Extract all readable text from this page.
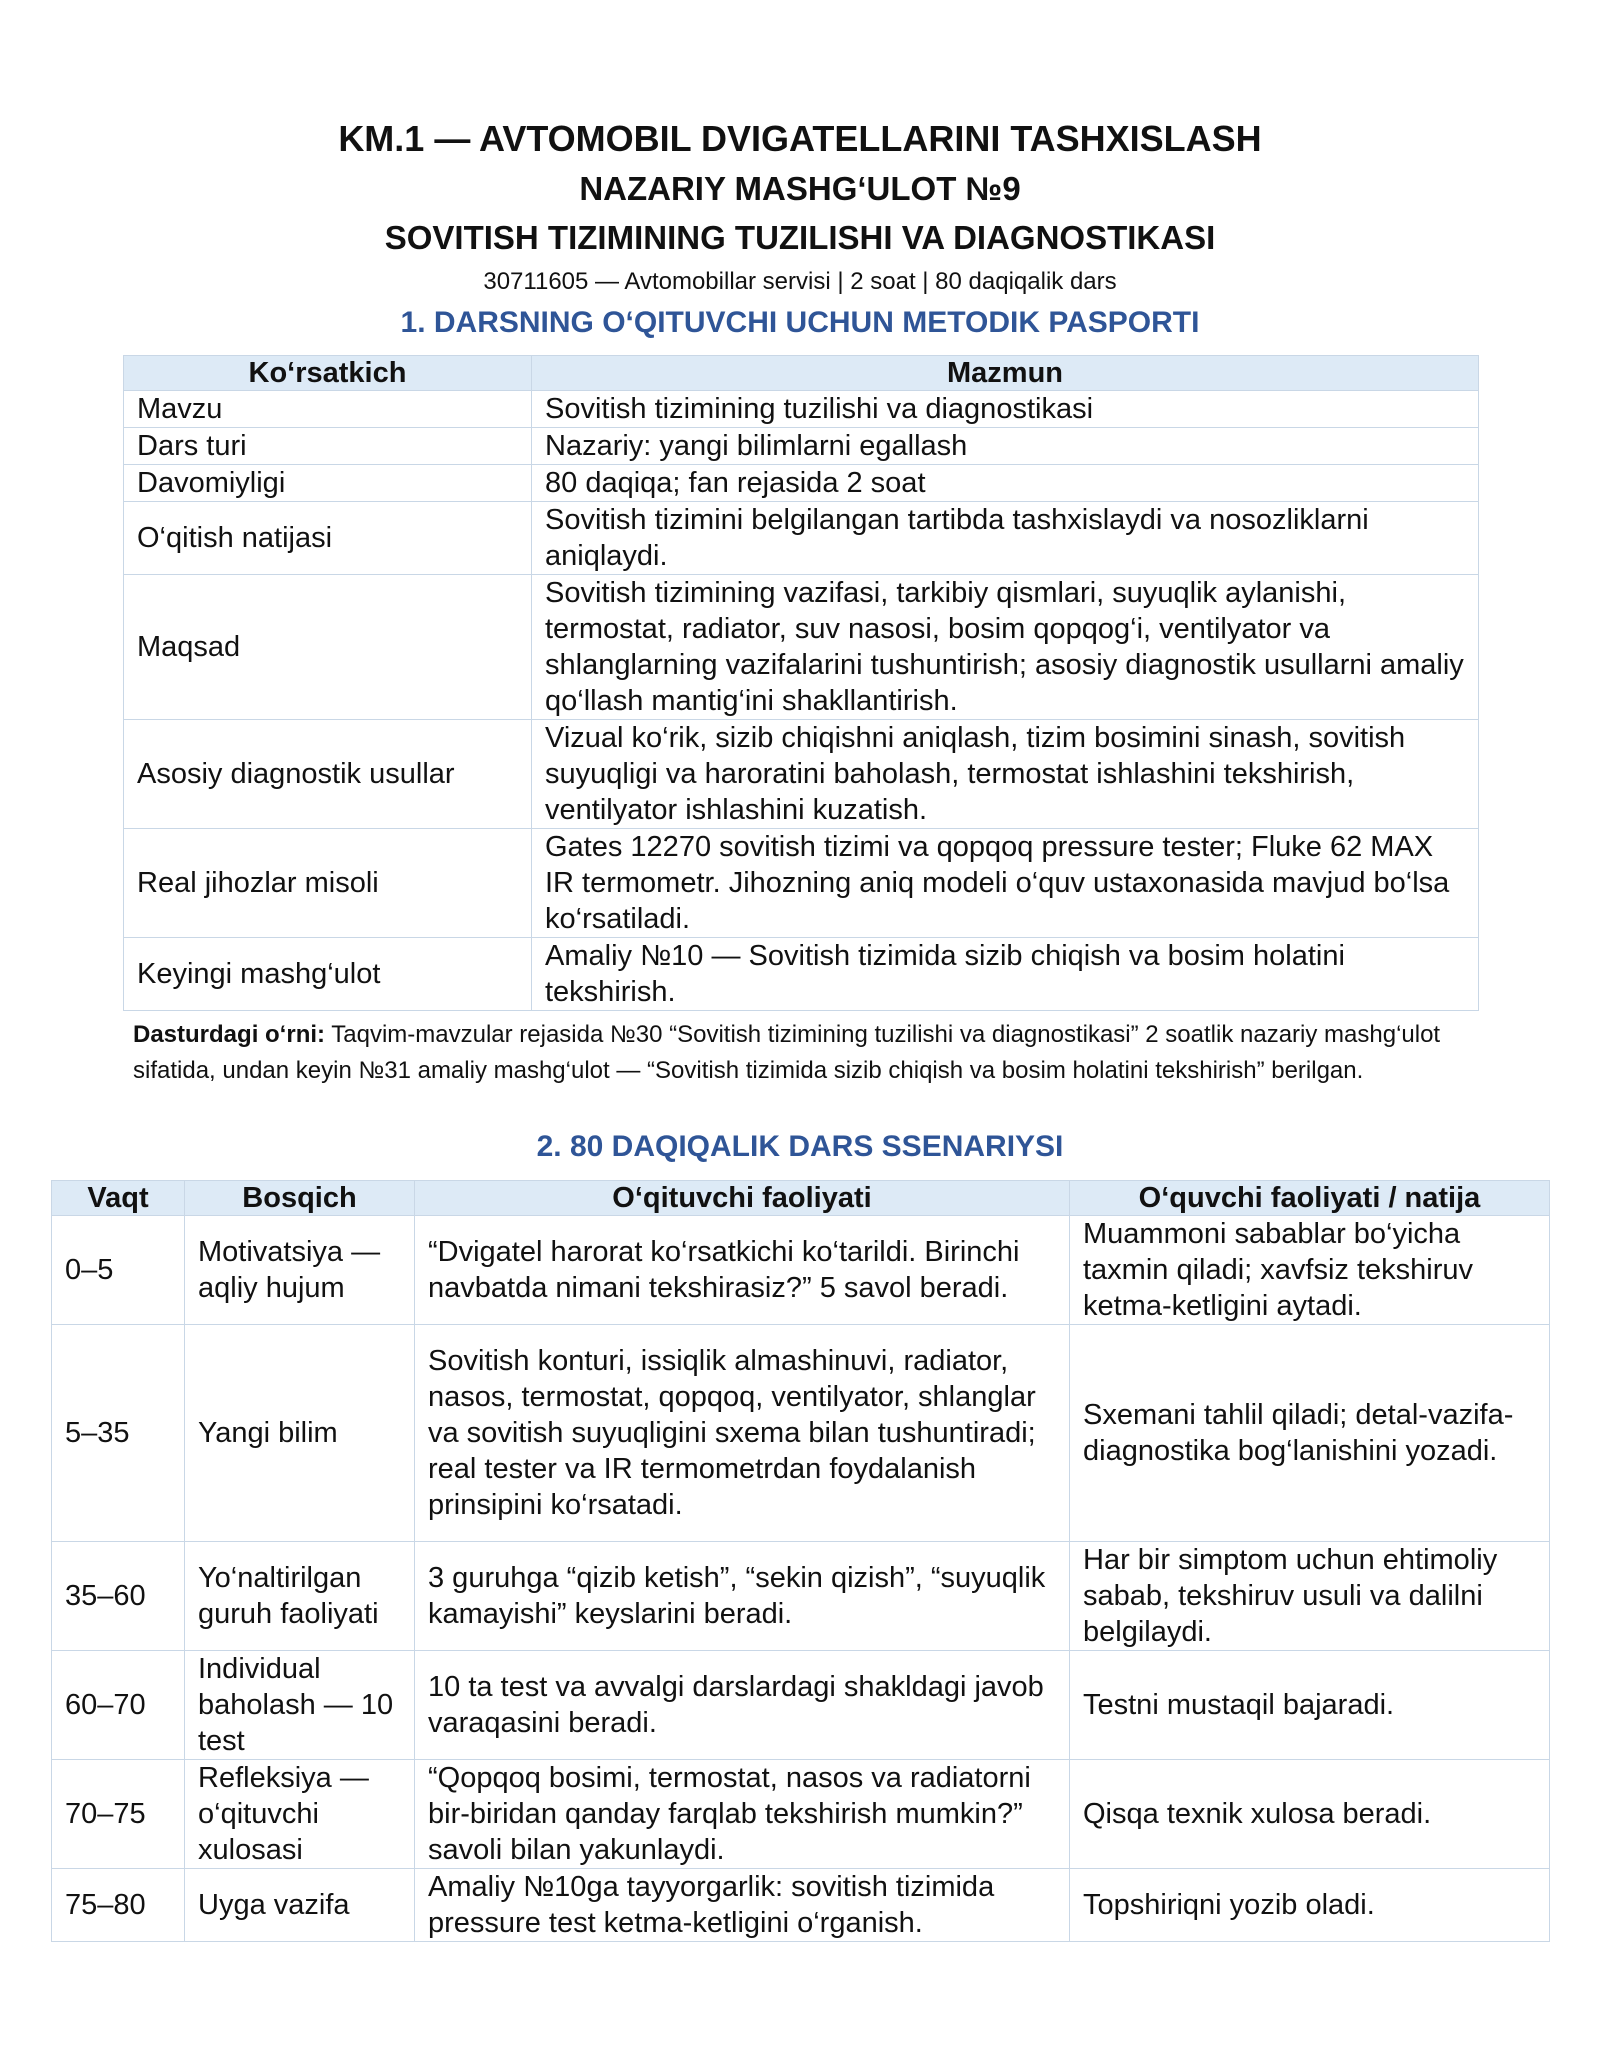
KM.1 — AVTOMOBIL DVIGATELLARINI TASHXISLASH
NAZARIY MASHG‘ULOT №9
SOVITISH TIZIMINING TUZILISHI VA DIAGNOSTIKASI
30711605 — Avtomobillar servisi | 2 soat | 80 daqiqalik dars
1. DARSNING O‘QITUVCHI UCHUN METODIK PASPORTI
Ko‘rsatkich	Mazmun
Mavzu	Sovitish tizimining tuzilishi va diagnostikasi
Dars turi	Nazariy: yangi bilimlarni egallash
Davomiyligi	80 daqiqa; fan rejasida 2 soat
O‘qitish natijasi	Sovitish tizimini belgilangan tartibda tashxislaydi va nosozliklarni aniqlaydi.
Maqsad	Sovitish tizimining vazifasi, tarkibiy qismlari, suyuqlik aylanishi, termostat, radiator, suv nasosi, bosim qopqog‘i, ventilyator va shlanglarning vazifalarini tushuntirish; asosiy diagnostik usullarni amaliy qo‘llash mantig‘ini shakllantirish.
Asosiy diagnostik usullar	Vizual ko‘rik, sizib chiqishni aniqlash, tizim bosimini sinash, sovitish suyuqligi va haroratini baholash, termostat ishlashini tekshirish, ventilyator ishlashini kuzatish.
Real jihozlar misoli	Gates 12270 sovitish tizimi va qopqoq pressure tester; Fluke 62 MAX IR termometr. Jihozning aniq modeli o‘quv ustaxonasida mavjud bo‘lsa ko‘rsatiladi.
Keyingi mashg‘ulot	Amaliy №10 — Sovitish tizimida sizib chiqish va bosim holatini tekshirish.
Dasturdagi o‘rni: Taqvim-mavzular rejasida №30 “Sovitish tizimining tuzilishi va diagnostikasi” 2 soatlik nazariy mashg‘ulot sifatida, undan keyin №31 amaliy mashg‘ulot — “Sovitish tizimida sizib chiqish va bosim holatini tekshirish” berilgan.
2. 80 DAQIQALIK DARS SSENARIYSI
Vaqt	Bosqich	O‘qituvchi faoliyati	O‘quvchi faoliyati / natija
0–5	Motivatsiya — aqliy hujum	“Dvigatel harorat ko‘rsatkichi ko‘tarildi. Birinchi navbatda nimani tekshirasiz?” 5 savol beradi.	Muammoni sabablar bo‘yicha taxmin qiladi; xavfsiz tekshiruv ketma-ketligini aytadi.
5–35	Yangi bilim	Sovitish konturi, issiqlik almashinuvi, radiator, nasos, termostat, qopqoq, ventilyator, shlanglar va sovitish suyuqligini sxema bilan tushuntiradi; real tester va IR termometrdan foydalanish prinsipini ko‘rsatadi.	Sxemani tahlil qiladi; detal-vazifa-diagnostika bog‘lanishini yozadi.
35–60	Yo‘naltirilgan guruh faoliyati	3 guruhga “qizib ketish”, “sekin qizish”, “suyuqlik kamayishi” keyslarini beradi.	Har bir simptom uchun ehtimoliy sabab, tekshiruv usuli va dalilni belgilaydi.
60–70	Individual baholash — 10 test	10 ta test va avvalgi darslardagi shakldagi javob varaqasini beradi.	Testni mustaqil bajaradi.
70–75	Refleksiya — o‘qituvchi xulosasi	“Qopqoq bosimi, termostat, nasos va radiatorni bir-biridan qanday farqlab tekshirish mumkin?” savoli bilan yakunlaydi.	Qisqa texnik xulosa beradi.
75–80	Uyga vazifa	Amaliy №10ga tayyorgarlik: sovitish tizimida pressure test ketma-ketligini o‘rganish.	Topshiriqni yozib oladi.
